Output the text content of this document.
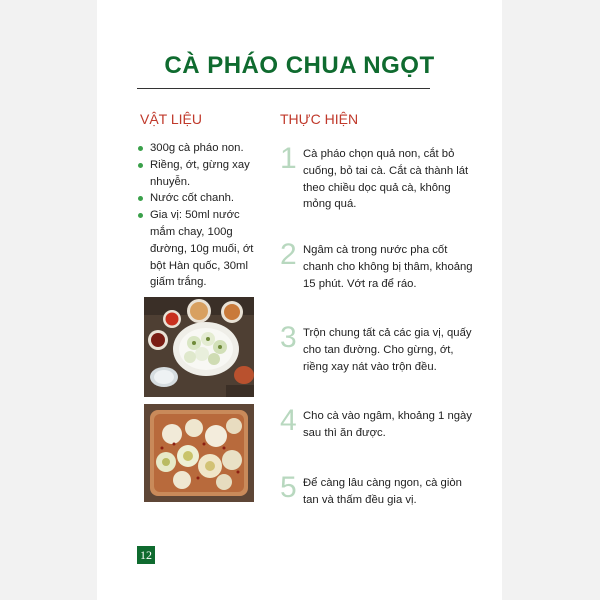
CÀ PHÁO CHUA NGỌT
VẬT LIỆU	THỰC HIỆN
300g cà pháo non.
Riềng, ớt, gừng xay nhuyễn.
Nước cốt chanh.
Gia vị: 50ml nước mắm chay, 100g đường, 10g muối, ớt bột Hàn quốc, 30ml giấm trắng.
1 Cà pháo chọn quả non, cắt bỏ cuống, bỏ tai cà. Cắt cà thành lát theo chiều dọc quả cà, không mỏng quá.
2 Ngâm cà trong nước pha cốt chanh cho không bị thâm, khoảng 15 phút. Vớt ra để ráo.
3 Trộn chung tất cả các gia vị, quấy cho tan đường. Cho gừng, ớt, riềng xay nát vào trộn đều.
4 Cho cà vào ngâm, khoảng 1 ngày sau thì ăn được.
5 Để càng lâu càng ngon, cà giòn tan và thấm đều gia vị.
12
